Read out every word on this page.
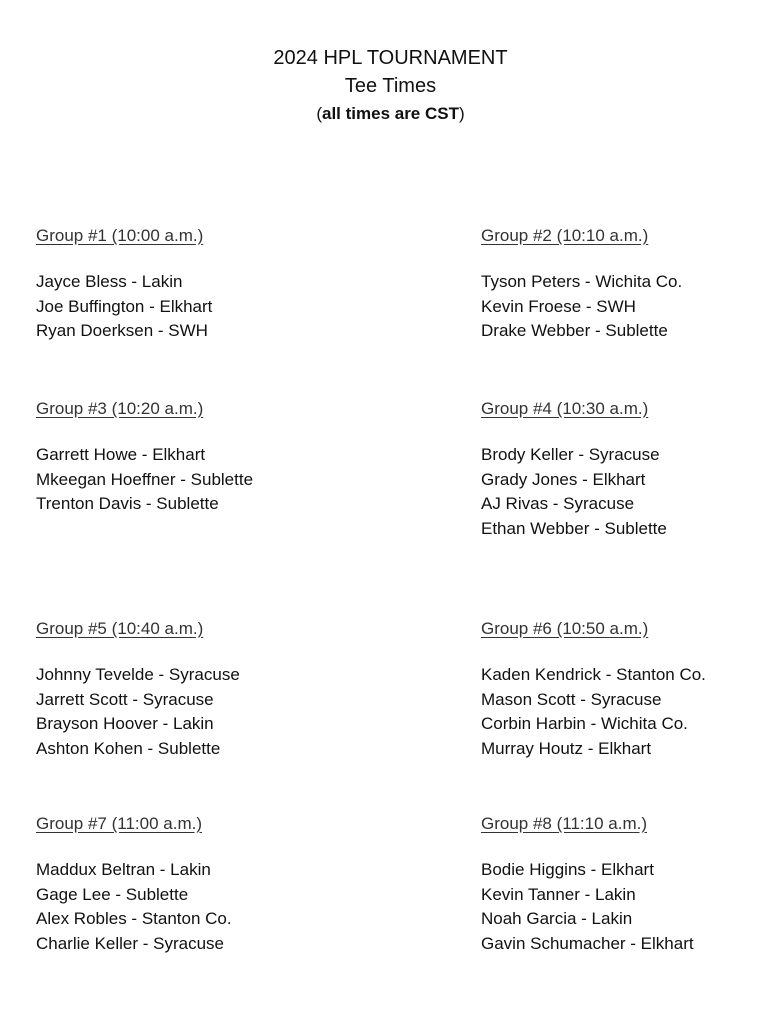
2024 HPL TOURNAMENT
Tee Times

(all times are CST)

Group #1 (10:00 a.m.)
Jayce Bless - Lakin
Joe Buffington - Elkhart
Ryan Doerksen - SWH
Group #2 (10:10 a.m.)
Tyson Peters - Wichita Co.
Kevin Froese - SWH
Drake Webber - Sublette
Group #3 (10:20 a.m.)
Garrett Howe - Elkhart
Mkeegan Hoeffner - Sublette
Trenton Davis - Sublette
Group #4 (10:30 a.m.)
Brody Keller - Syracuse
Grady Jones - Elkhart
AJ Rivas - Syracuse
Ethan Webber - Sublette
Group #5 (10:40 a.m.)
Johnny Tevelde - Syracuse
Jarrett Scott - Syracuse
Brayson Hoover - Lakin
Ashton Kohen - Sublette
Group #6 (10:50 a.m.)
Kaden Kendrick - Stanton Co.
Mason Scott - Syracuse
Corbin Harbin - Wichita Co.
Murray Houtz - Elkhart
Group #7 (11:00 a.m.)
Maddux Beltran - Lakin
Gage Lee - Sublette
Alex Robles - Stanton Co.
Charlie Keller - Syracuse
Group #8 (11:10 a.m.)
Bodie Higgins - Elkhart
Kevin Tanner - Lakin
Noah Garcia - Lakin
Gavin Schumacher - Elkhart
